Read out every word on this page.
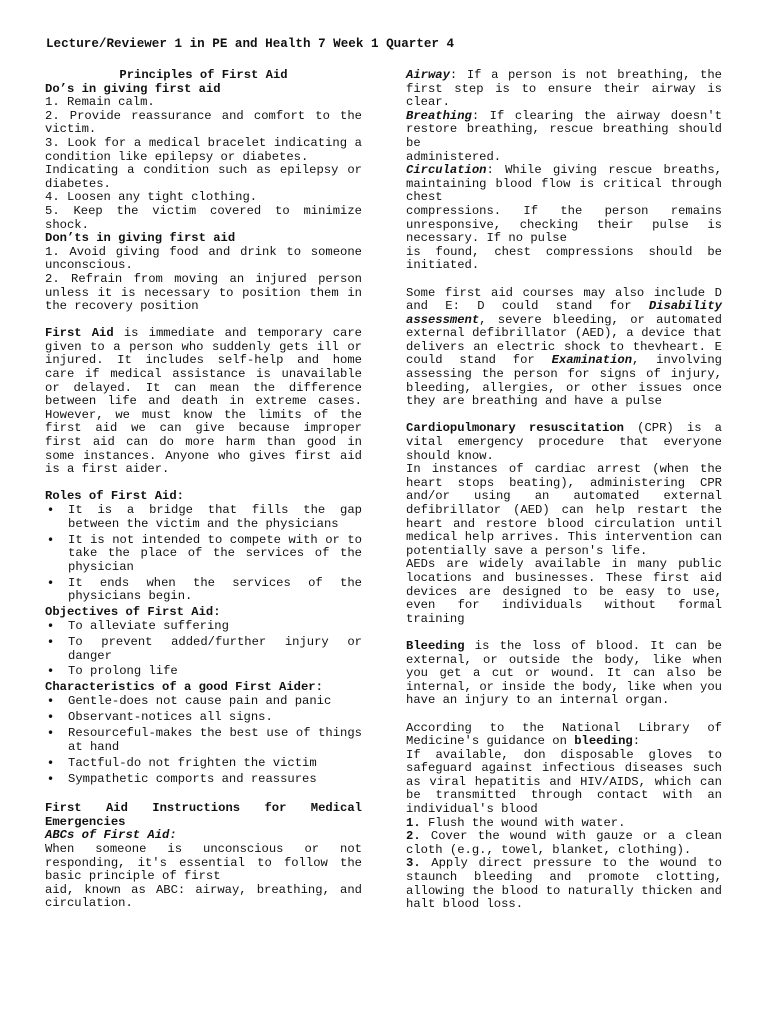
Lecture/Reviewer 1 in PE and Health 7 Week 1 Quarter 4

Principles of First Aid

Do’s in giving first aid

1. Remain calm.

2. Provide reassurance and comfort to the victim.

3. Look for a medical bracelet indicating a condition like epilepsy or diabetes.

Indicating a condition such as epilepsy or diabetes.

4. Loosen any tight clothing.

5. Keep the victim covered to minimize shock.

Don’ts in giving first aid

1. Avoid giving food and drink to someone unconscious.

2. Refrain from moving an injured person unless it is necessary to position them in the recovery position

First Aid is immediate and temporary care given to a person who suddenly gets ill or injured. It includes self-help and home care if medical assistance is unavailable or delayed. It can mean the difference between life and death in extreme cases. However, we must know the limits of the first aid we can give because improper first aid can do more harm than good in some instances. Anyone who gives first aid is a first aider.

Roles of First Aid:

• It is a bridge that fills the gap between the victim and the physicians
• It is not intended to compete with or to take the place of the services of the physician
• It ends when the services of the physicians begin.

Objectives of First Aid:

• To alleviate suffering
• To prevent added/further injury or danger
• To prolong life

Characteristics of a good First Aider:

• Gentle-does not cause pain and panic
• Observant-notices all signs.
• Resourceful-makes the best use of things at hand
• Tactful-do not frighten the victim
• Sympathetic comports and reassures

First Aid Instructions for Medical Emergencies

ABCs of First Aid:

When someone is unconscious or not responding, it's essential to follow the basic principle of first

aid, known as ABC: airway, breathing, and circulation.

Airway: If a person is not breathing, the first step is to ensure their airway is clear.

Breathing: If clearing the airway doesn't restore breathing, rescue breathing should be

administered.

Circulation: While giving rescue breaths, maintaining blood flow is critical through chest

compressions. If the person remains unresponsive, checking their pulse is necessary. If no pulse

is found, chest compressions should be initiated.

Some first aid courses may also include D and E: D could stand for Disability assessment, severe bleeding, or automated external defibrillator (AED), a device that delivers an electric shock to thevheart. E could stand for Examination, involving assessing the person for signs of injury, bleeding, allergies, or other issues once they are breathing and have a pulse

Cardiopulmonary resuscitation (CPR) is a vital emergency procedure that everyone should know.

In instances of cardiac arrest (when the heart stops beating), administering CPR and/or using an automated external defibrillator (AED) can help restart the heart and restore blood circulation until medical help arrives. This intervention can potentially save a person's life.

AEDs are widely available in many public locations and businesses. These first aid devices are designed to be easy to use, even for individuals without formal training

Bleeding is the loss of blood. It can be external, or outside the body, like when you get a cut or wound. It can also be internal, or inside the body, like when you have an injury to an internal organ.

According to the National Library of Medicine's guidance on bleeding:

If available, don disposable gloves to safeguard against infectious diseases such as viral hepatitis and HIV/AIDS, which can be transmitted through contact with an individual's blood

1. Flush the wound with water.

2. Cover the wound with gauze or a clean cloth (e.g., towel, blanket, clothing).

3. Apply direct pressure to the wound to staunch bleeding and promote clotting, allowing the blood to naturally thicken and halt blood loss.
